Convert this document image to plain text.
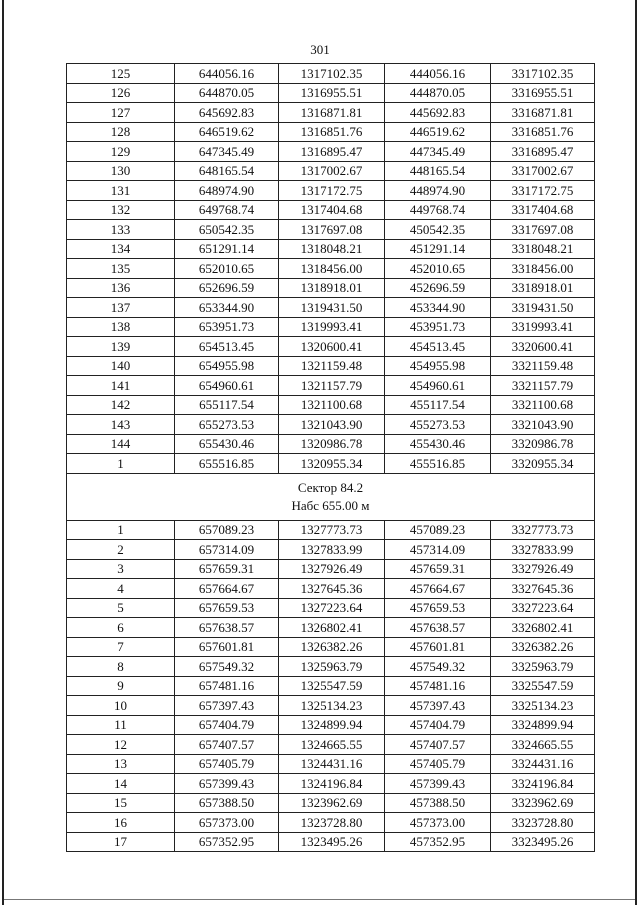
301
125	644056.16	1317102.35	444056.16	3317102.35
126	644870.05	1316955.51	444870.05	3316955.51
127	645692.83	1316871.81	445692.83	3316871.81
128	646519.62	1316851.76	446519.62	3316851.76
129	647345.49	1316895.47	447345.49	3316895.47
130	648165.54	1317002.67	448165.54	3317002.67
131	648974.90	1317172.75	448974.90	3317172.75
132	649768.74	1317404.68	449768.74	3317404.68
133	650542.35	1317697.08	450542.35	3317697.08
134	651291.14	1318048.21	451291.14	3318048.21
135	652010.65	1318456.00	452010.65	3318456.00
136	652696.59	1318918.01	452696.59	3318918.01
137	653344.90	1319431.50	453344.90	3319431.50
138	653951.73	1319993.41	453951.73	3319993.41
139	654513.45	1320600.41	454513.45	3320600.41
140	654955.98	1321159.48	454955.98	3321159.48
141	654960.61	1321157.79	454960.61	3321157.79
142	655117.54	1321100.68	455117.54	3321100.68
143	655273.53	1321043.90	455273.53	3321043.90
144	655430.46	1320986.78	455430.46	3320986.78
1	655516.85	1320955.34	455516.85	3320955.34

Сектор 84.2
Набс 655.00 м				

1	657089.23	1327773.73	457089.23	3327773.73
2	657314.09	1327833.99	457314.09	3327833.99
3	657659.31	1327926.49	457659.31	3327926.49
4	657664.67	1327645.36	457664.67	3327645.36
5	657659.53	1327223.64	457659.53	3327223.64
6	657638.57	1326802.41	457638.57	3326802.41
7	657601.81	1326382.26	457601.81	3326382.26
8	657549.32	1325963.79	457549.32	3325963.79
9	657481.16	1325547.59	457481.16	3325547.59
10	657397.43	1325134.23	457397.43	3325134.23
11	657404.79	1324899.94	457404.79	3324899.94
12	657407.57	1324665.55	457407.57	3324665.55
13	657405.79	1324431.16	457405.79	3324431.16
14	657399.43	1324196.84	457399.43	3324196.84
15	657388.50	1323962.69	457388.50	3323962.69
16	657373.00	1323728.80	457373.00	3323728.80
17	657352.95	1323495.26	457352.95	3323495.26
